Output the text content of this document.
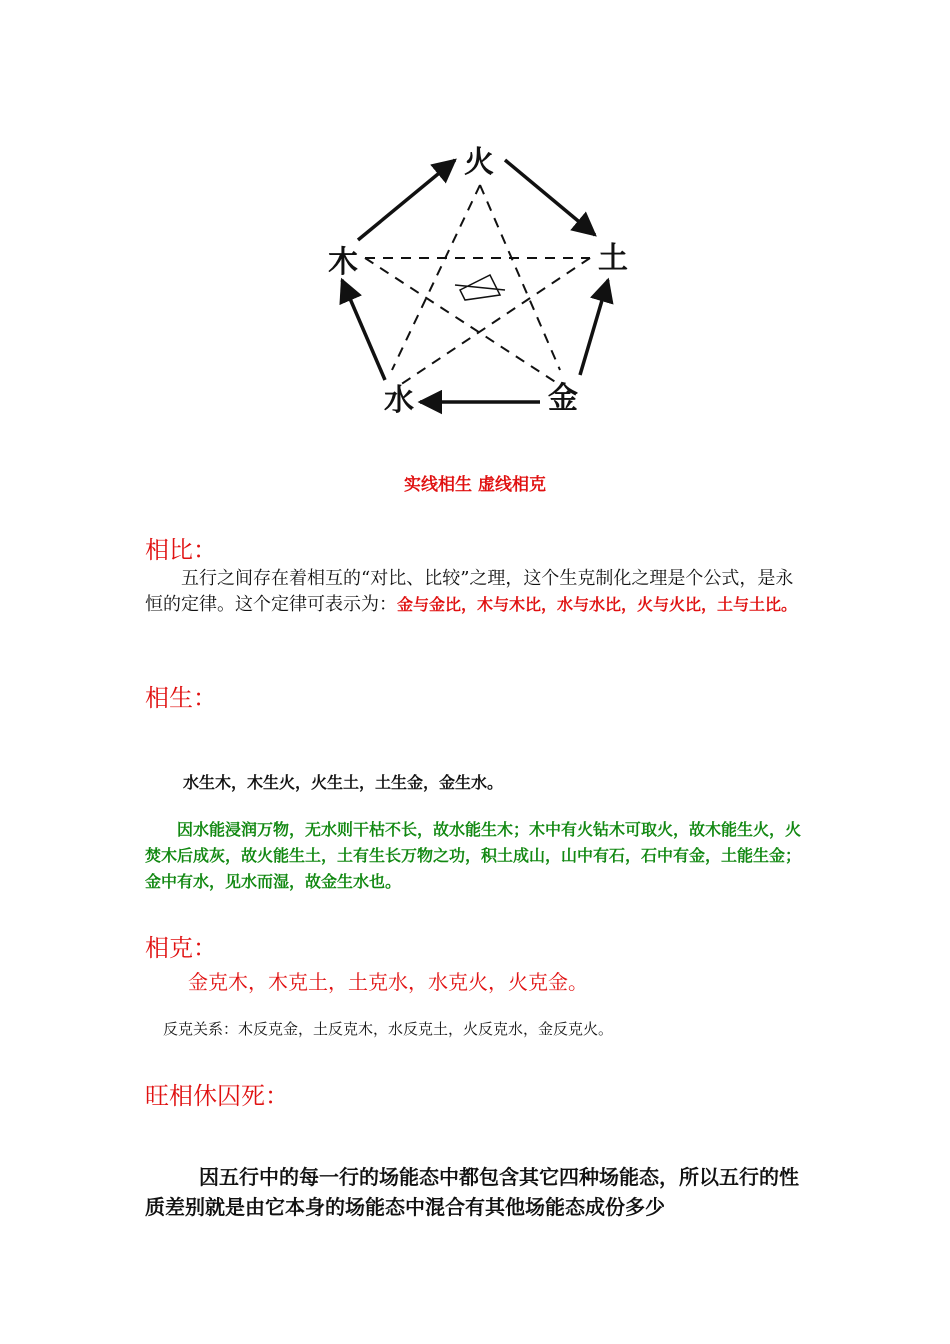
火
土
金
水
木
实线相生 虚线相克
相比：
五行之间存在着相互的“对比、比较”之理，这个生克制化之理是个公式，是永恒的定律。这个定律可表示为：金与金比，木与木比，水与水比，火与火比，土与土比。
相生：
水生木，木生火，火生土，土生金，金生水。
因水能浸润万物，无水则干枯不长，故水能生木；木中有火钻木可取火，故木能生火，火焚木后成灰，故火能生土，土有生长万物之功，积土成山，山中有石，石中有金，土能生金；金中有水，见水而湿，故金生水也。
相克：
金克木，木克土，土克水，水克火，火克金。
反克关系：木反克金，土反克木，水反克土，火反克水，金反克火。
旺相休囚死：
因五行中的每一行的场能态中都包含其它四种场能态，所以五行的性质差别就是由它本身的场能态中混合有其他场能态成份多少
